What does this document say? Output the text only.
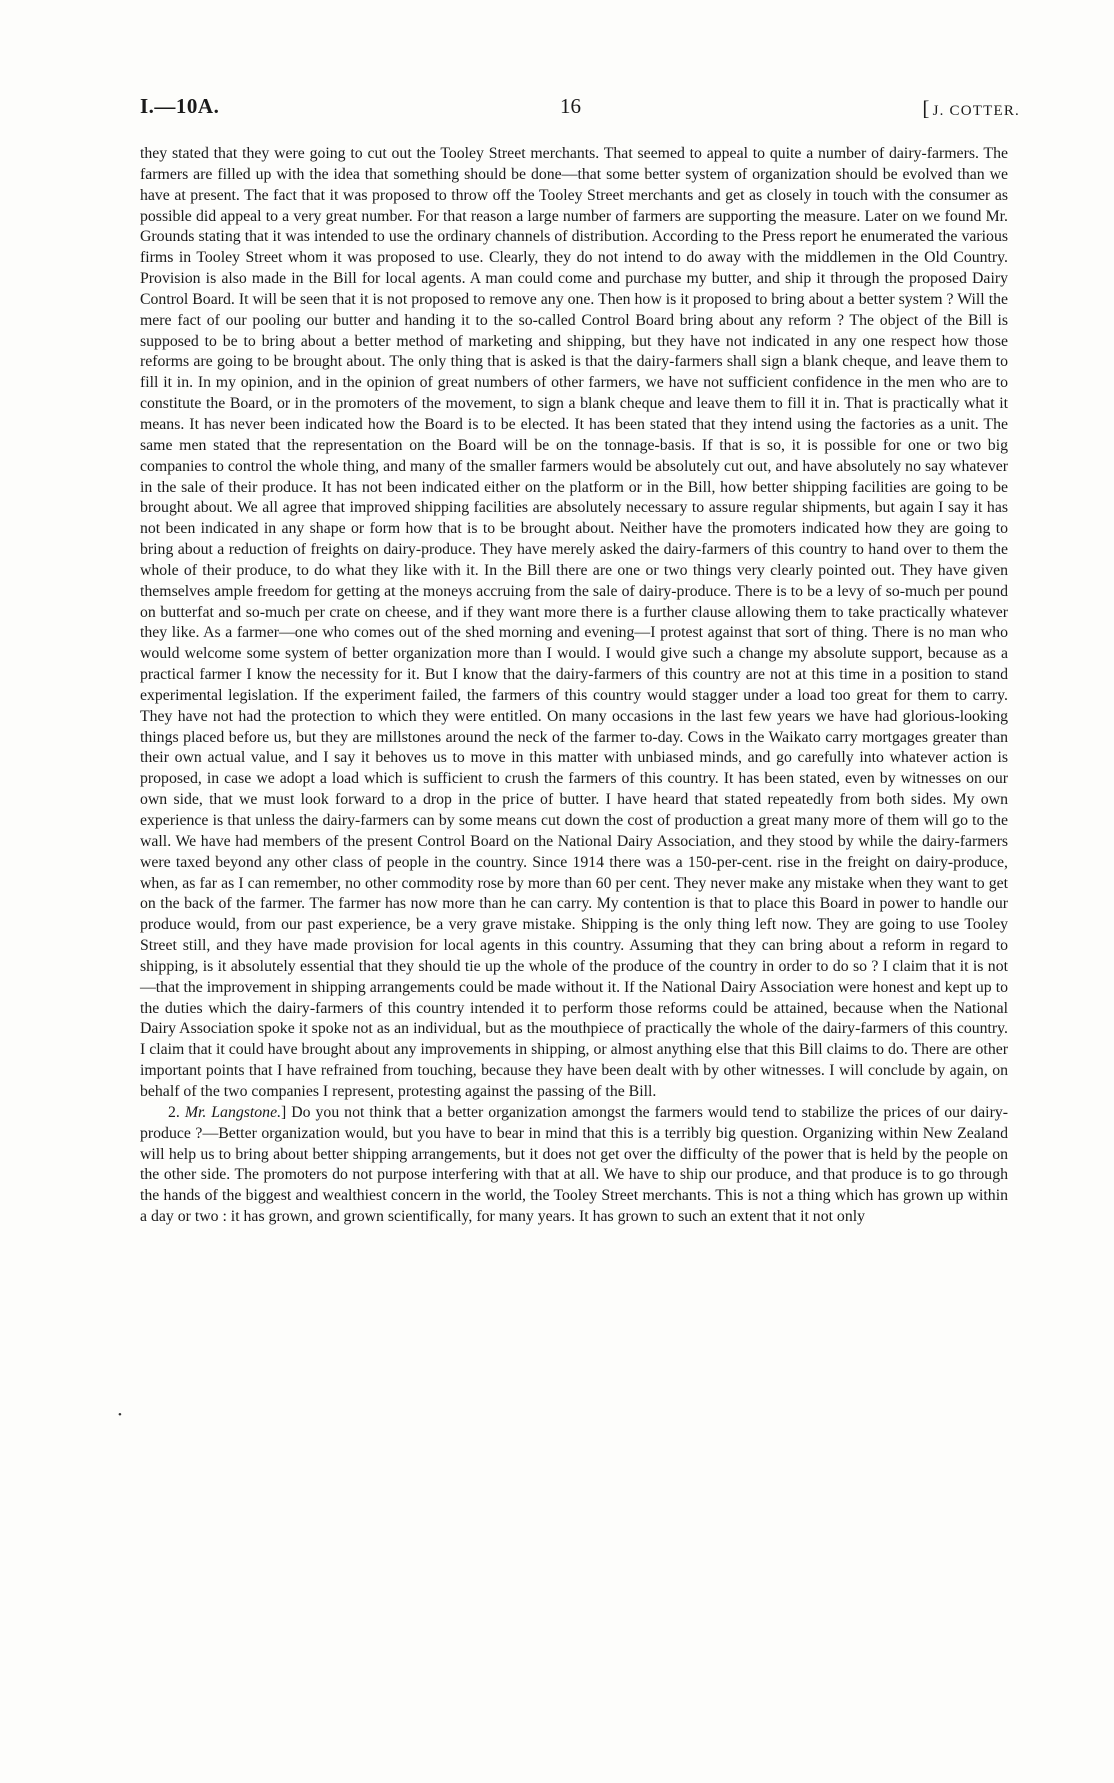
I.—10A.	16	[ J. COTTER.
•

they stated that they were going to cut out the Tooley Street merchants. That seemed to appeal to quite a number of dairy-farmers. The farmers are filled up with the idea that something should be done—that some better system of organization should be evolved than we have at present. The fact that it was proposed to throw off the Tooley Street merchants and get as closely in touch with the consumer as possible did appeal to a very great number. For that reason a large number of farmers are supporting the measure. Later on we found Mr. Grounds stating that it was intended to use the ordinary channels of distribution. According to the Press report he enumerated the various firms in Tooley Street whom it was proposed to use. Clearly, they do not intend to do away with the middlemen in the Old Country. Provision is also made in the Bill for local agents. A man could come and purchase my butter, and ship it through the proposed Dairy Control Board. It will be seen that it is not proposed to remove any one. Then how is it proposed to bring about a better system ? Will the mere fact of our pooling our butter and handing it to the so-called Control Board bring about any reform ? The object of the Bill is supposed to be to bring about a better method of marketing and shipping, but they have not indicated in any one respect how those reforms are going to be brought about. The only thing that is asked is that the dairy-farmers shall sign a blank cheque, and leave them to fill it in. In my opinion, and in the opinion of great numbers of other farmers, we have not sufficient confidence in the men who are to constitute the Board, or in the promoters of the movement, to sign a blank cheque and leave them to fill it in. That is practically what it means. It has never been indicated how the Board is to be elected. It has been stated that they intend using the factories as a unit. The same men stated that the representation on the Board will be on the tonnage-basis. If that is so, it is possible for one or two big companies to control the whole thing, and many of the smaller farmers would be absolutely cut out, and have absolutely no say whatever in the sale of their produce. It has not been indicated either on the platform or in the Bill, how better shipping facilities are going to be brought about. We all agree that improved shipping facilities are absolutely necessary to assure regular shipments, but again I say it has not been indicated in any shape or form how that is to be brought about. Neither have the promoters indicated how they are going to bring about a reduction of freights on dairy-produce. They have merely asked the dairy-farmers of this country to hand over to them the whole of their produce, to do what they like with it. In the Bill there are one or two things very clearly pointed out. They have given themselves ample freedom for getting at the moneys accruing from the sale of dairy-produce. There is to be a levy of so-much per pound on butterfat and so-much per crate on cheese, and if they want more there is a further clause allowing them to take practically whatever they like. As a farmer—one who comes out of the shed morning and evening—I protest against that sort of thing. There is no man who would welcome some system of better organization more than I would. I would give such a change my absolute support, because as a practical farmer I know the necessity for it. But I know that the dairy-farmers of this country are not at this time in a position to stand experimental legislation. If the experiment failed, the farmers of this country would stagger under a load too great for them to carry. They have not had the protection to which they were entitled. On many occasions in the last few years we have had glorious-looking things placed before us, but they are millstones around the neck of the farmer to-day. Cows in the Waikato carry mortgages greater than their own actual value, and I say it behoves us to move in this matter with unbiased minds, and go carefully into whatever action is proposed, in case we adopt a load which is sufficient to crush the farmers of this country. It has been stated, even by witnesses on our own side, that we must look forward to a drop in the price of butter. I have heard that stated repeatedly from both sides. My own experience is that unless the dairy-farmers can by some means cut down the cost of production a great many more of them will go to the wall. We have had members of the present Control Board on the National Dairy Association, and they stood by while the dairy-farmers were taxed beyond any other class of people in the country. Since 1914 there was a 150-per-cent. rise in the freight on dairy-produce, when, as far as I can remember, no other commodity rose by more than 60 per cent. They never make any mistake when they want to get on the back of the farmer. The farmer has now more than he can carry. My contention is that to place this Board in power to handle our produce would, from our past experience, be a very grave mistake. Shipping is the only thing left now. They are going to use Tooley Street still, and they have made provision for local agents in this country. Assuming that they can bring about a reform in regard to shipping, is it absolutely essential that they should tie up the whole of the produce of the country in order to do so ? I claim that it is not—that the improvement in shipping arrangements could be made without it. If the National Dairy Association were honest and kept up to the duties which the dairy-farmers of this country intended it to perform those reforms could be attained, because when the National Dairy Association spoke it spoke not as an individual, but as the mouthpiece of practically the whole of the dairy-farmers of this country. I claim that it could have brought about any improvements in shipping, or almost anything else that this Bill claims to do. There are other important points that I have refrained from touching, because they have been dealt with by other witnesses. I will conclude by again, on behalf of the two companies I represent, protesting against the passing of the Bill.

2. Mr. Langstone.] Do you not think that a better organization amongst the farmers would tend to stabilize the prices of our dairy-produce ?—Better organization would, but you have to bear in mind that this is a terribly big question. Organizing within New Zealand will help us to bring about better shipping arrangements, but it does not get over the difficulty of the power that is held by the people on the other side. The promoters do not purpose interfering with that at all. We have to ship our produce, and that produce is to go through the hands of the biggest and wealthiest concern in the world, the Tooley Street merchants. This is not a thing which has grown up within a day or two : it has grown, and grown scientifically, for many years. It has grown to such an extent that it not only
